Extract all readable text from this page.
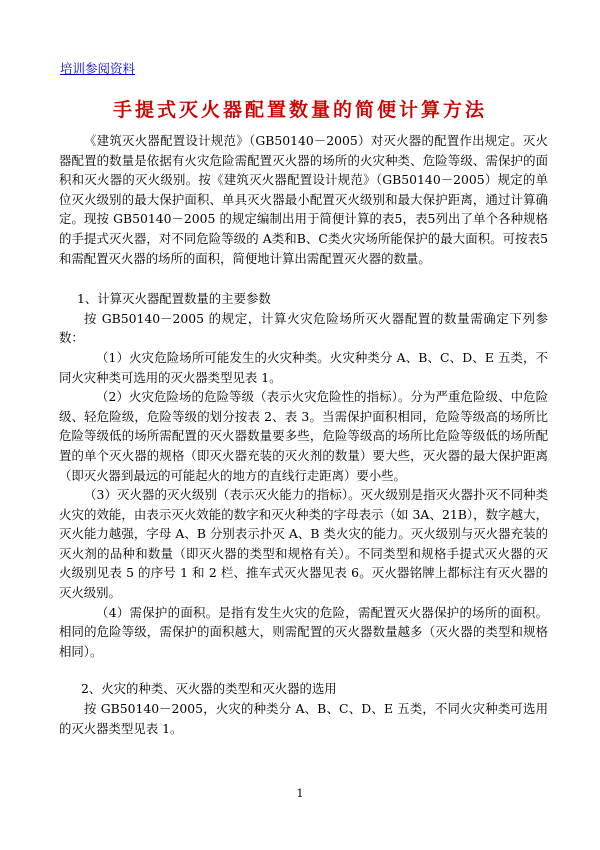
培训参阅资料
手提式灭火器配置数量的简便计算方法

《建筑灭火器配置设计规范》（GB50140－2005）对灭火器的配置作出规定。灭火器配置的数量是依据有火灾危险需配置灭火器的场所的火灾种类、危险等级、需保护的面积和灭火器的灭火级别。按《建筑灭火器配置设计规范》（GB50140－2005）规定的单位灭火级别的最大保护面积、单具灭火器最小配置灭火级别和最大保护距离，通过计算确定。现按 GB50140－2005 的规定编制出用于简便计算的表5，表5列出了单个各种规格的手提式灭火器，对不同危险等级的 A类和B、C类火灾场所能保护的最大面积。可按表5和需配置灭火器的场所的面积，简便地计算出需配置灭火器的数量。

1、计算灭火器配置数量的主要参数

按 GB50140－2005 的规定，计算火灾危险场所灭火器配置的数量需确定下列参数：

（1）火灾危险场所可能发生的火灾种类。火灾种类分 A、B、C、D、E 五类，不同火灾种类可选用的灭火器类型见表 1。

（2）火灾危险场的危险等级（表示火灾危险性的指标）。分为严重危险级、中危险级、轻危险级，危险等级的划分按表 2、表 3。当需保护面积相同，危险等级高的场所比危险等级低的场所需配置的灭火器数量要多些，危险等级高的场所比危险等级低的场所配置的单个灭火器的规格（即灭火器充装的灭火剂的数量）要大些，灭火器的最大保护距离（即灭火器到最远的可能起火的地方的直线行走距离）要小些。

（3）灭火器的灭火级别（表示灭火能力的指标）。灭火级别是指灭火器扑灭不同种类火灾的效能，由表示灭火效能的数字和灭火种类的字母表示（如 3A、21B），数字越大，灭火能力越强，字母 A、B 分别表示扑灭 A、B 类火灾的能力。灭火级别与灭火器充装的灭火剂的品种和数量（即灭火器的类型和规格有关）。不同类型和规格手提式灭火器的灭火级别见表 5 的序号 1 和 2 栏、推车式灭火器见表 6。灭火器铭牌上都标注有灭火器的灭火级别。

（4）需保护的面积。是指有发生火灾的危险，需配置灭火器保护的场所的面积。相同的危险等级，需保护的面积越大，则需配置的灭火器数量越多（灭火器的类型和规格相同）。

2、火灾的种类、灭火器的类型和灭火器的选用

按 GB50140－2005，火灾的种类分 A、B、C、D、E 五类，不同火灾种类可选用的灭火器类型见表 1。

1
